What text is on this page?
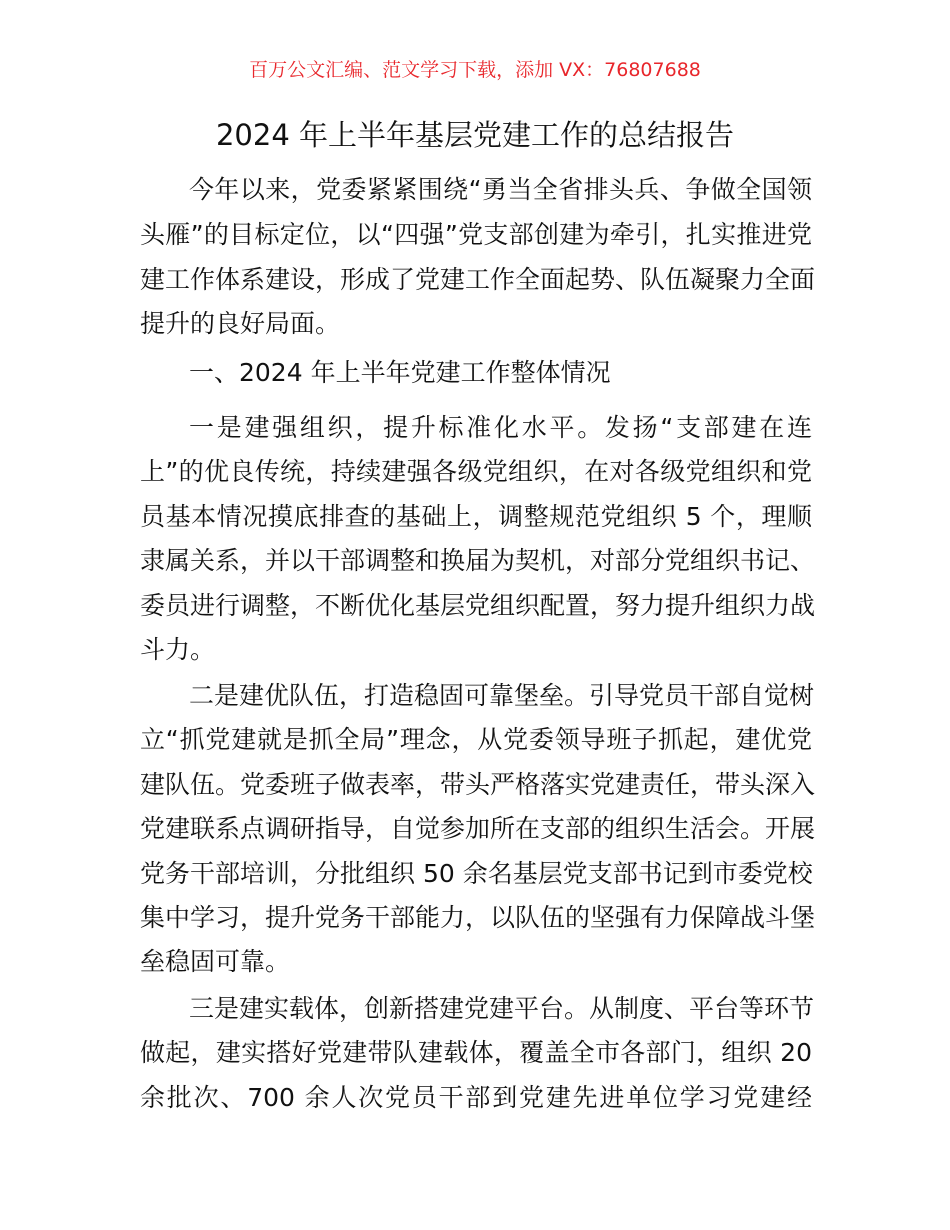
百万公文汇编、范文学习下载，添加 VX：76807688
2024 年上半年基层党建工作的总结报告
今年以来，党委紧紧围绕“勇当全省排头兵、争做全国领
头雁”的目标定位，以“四强”党支部创建为牵引，扎实推进党
建工作体系建设，形成了党建工作全面起势、队伍凝聚力全面
提升的良好局面。
一、2024 年上半年党建工作整体情况
一是建强组织，提升标准化水平。发扬“支部建在连
上”的优良传统，持续建强各级党组织，在对各级党组织和党
员基本情况摸底排查的基础上，调整规范党组织 5 个，理顺
隶属关系，并以干部调整和换届为契机，对部分党组织书记、
委员进行调整，不断优化基层党组织配置，努力提升组织力战
斗力。
二是建优队伍，打造稳固可靠堡垒。引导党员干部自觉树
立“抓党建就是抓全局”理念，从党委领导班子抓起，建优党
建队伍。党委班子做表率，带头严格落实党建责任，带头深入
党建联系点调研指导，自觉参加所在支部的组织生活会。开展
党务干部培训，分批组织 50 余名基层党支部书记到市委党校
集中学习，提升党务干部能力，以队伍的坚强有力保障战斗堡
垒稳固可靠。
三是建实载体，创新搭建党建平台。从制度、平台等环节
做起，建实搭好党建带队建载体，覆盖全市各部门，组织 20
余批次、700 余人次党员干部到党建先进单位学习党建经
